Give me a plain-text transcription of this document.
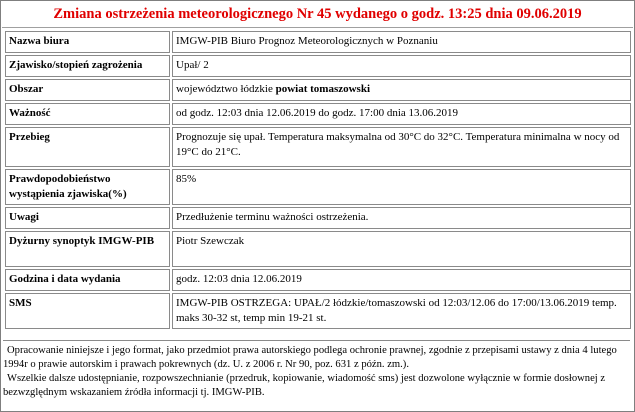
Zmiana ostrzeżenia meteorologicznego Nr 45 wydanego o godz. 13:25 dnia 09.06.2019
Nazwa biura	IMGW-PIB Biuro Prognoz Meteorologicznych w Poznaniu
Zjawisko/stopień zagrożenia	Upał/ 2
Obszar	województwo łódzkie powiat tomaszowski
Ważność	od godz. 12:03 dnia 12.06.2019 do godz. 17:00 dnia 13.06.2019
Przebieg	Prognozuje się upał. Temperatura maksymalna od 30°C do 32°C. Temperatura minimalna w nocy od 19°C do 21°C.
Prawdopodobieństwo wystąpienia zjawiska(%)	85%
Uwagi	Przedłużenie terminu ważności ostrzeżenia.
Dyżurny synoptyk IMGW-PIB	Piotr Szewczak
Godzina i data wydania	godz. 12:03 dnia 12.06.2019
SMS	IMGW-PIB OSTRZEGA: UPAŁ/2 łódzkie/tomaszowski od 12:03/12.06 do 17:00/13.06.2019 temp. maks 30-32 st, temp min 19-21 st.

Opracowanie niniejsze i jego format, jako przedmiot prawa autorskiego podlega ochronie prawnej, zgodnie z przepisami ustawy z dnia 4 lutego 1994r o prawie autorskim i prawach pokrewnych (dz. U. z 2006 r. Nr 90, poz. 631 z późn. zm.).

Wszelkie dalsze udostępnianie, rozpowszechnianie (przedruk, kopiowanie, wiadomość sms) jest dozwolone wyłącznie w formie dosłownej z bezwzględnym wskazaniem źródła informacji tj. IMGW-PIB.
